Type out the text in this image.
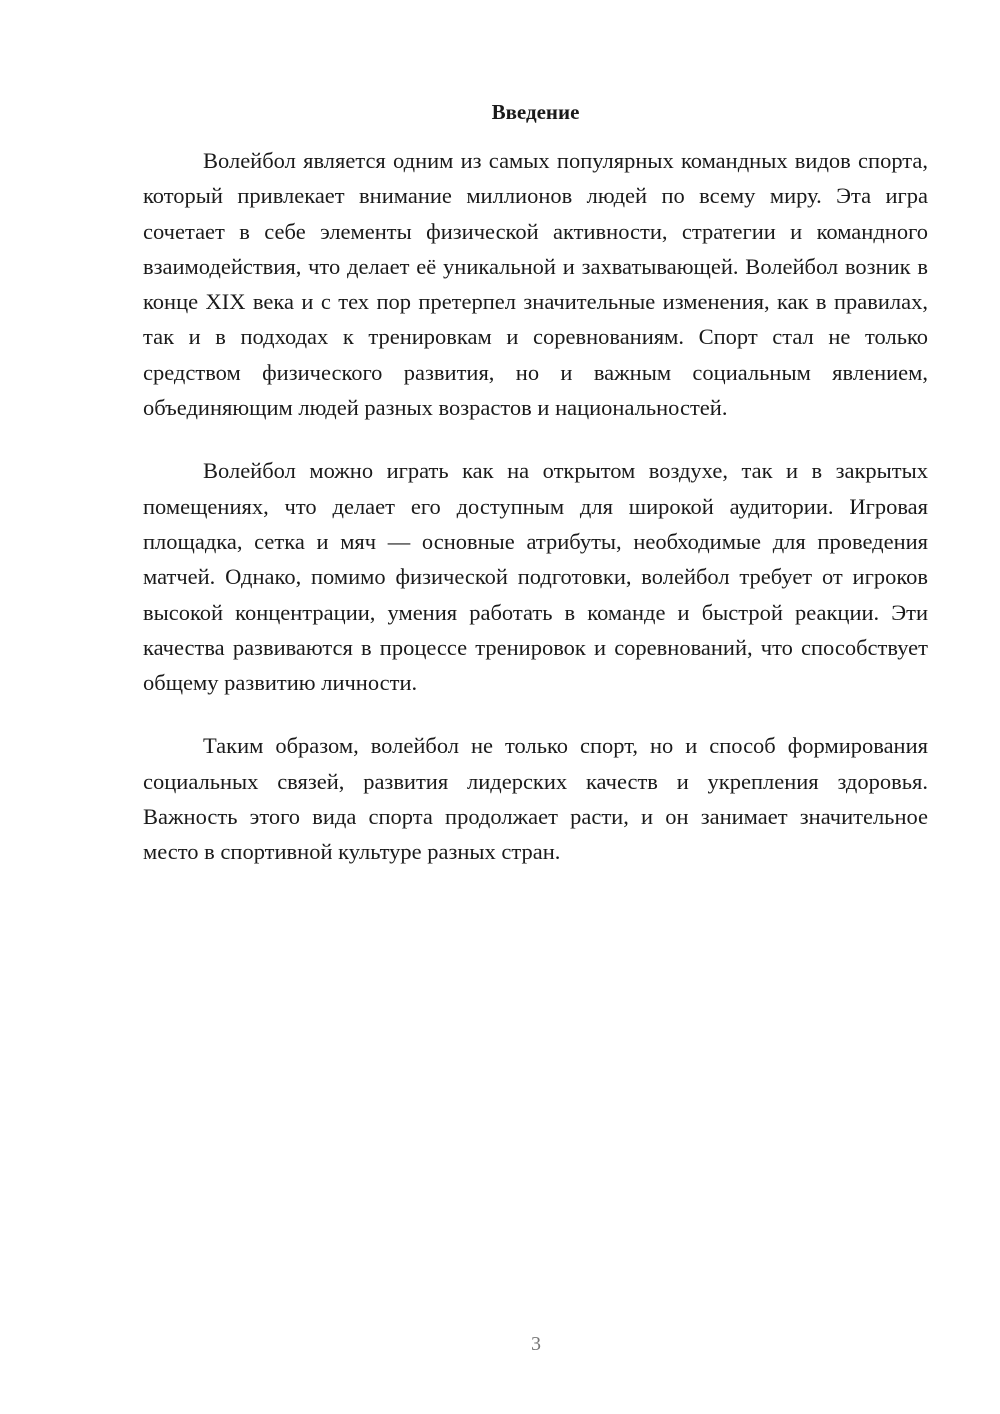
Введение

Волейбол является одним из самых популярных командных видов спорта, который привлекает внимание миллионов людей по всему миру. Эта игра сочетает в себе элементы физической активности, стратегии и командного взаимодействия, что делает её уникальной и захватывающей. Волейбол возник в конце XIX века и с тех пор претерпел значительные изменения, как в правилах, так и в подходах к тренировкам и соревнованиям. Спорт стал не только средством физического развития, но и важным социальным явлением, объединяющим людей разных возрастов и национальностей.

Волейбол можно играть как на открытом воздухе, так и в закрытых помещениях, что делает его доступным для широкой аудитории. Игровая площадка, сетка и мяч — основные атрибуты, необходимые для проведения матчей. Однако, помимо физической подготовки, волейбол требует от игроков высокой концентрации, умения работать в команде и быстрой реакции. Эти качества развиваются в процессе тренировок и соревнований, что способствует общему развитию личности.

Таким образом, волейбол не только спорт, но и способ формирования социальных связей, развития лидерских качеств и укрепления здоровья. Важность этого вида спорта продолжает расти, и он занимает значительное место в спортивной культуре разных стран.

3
